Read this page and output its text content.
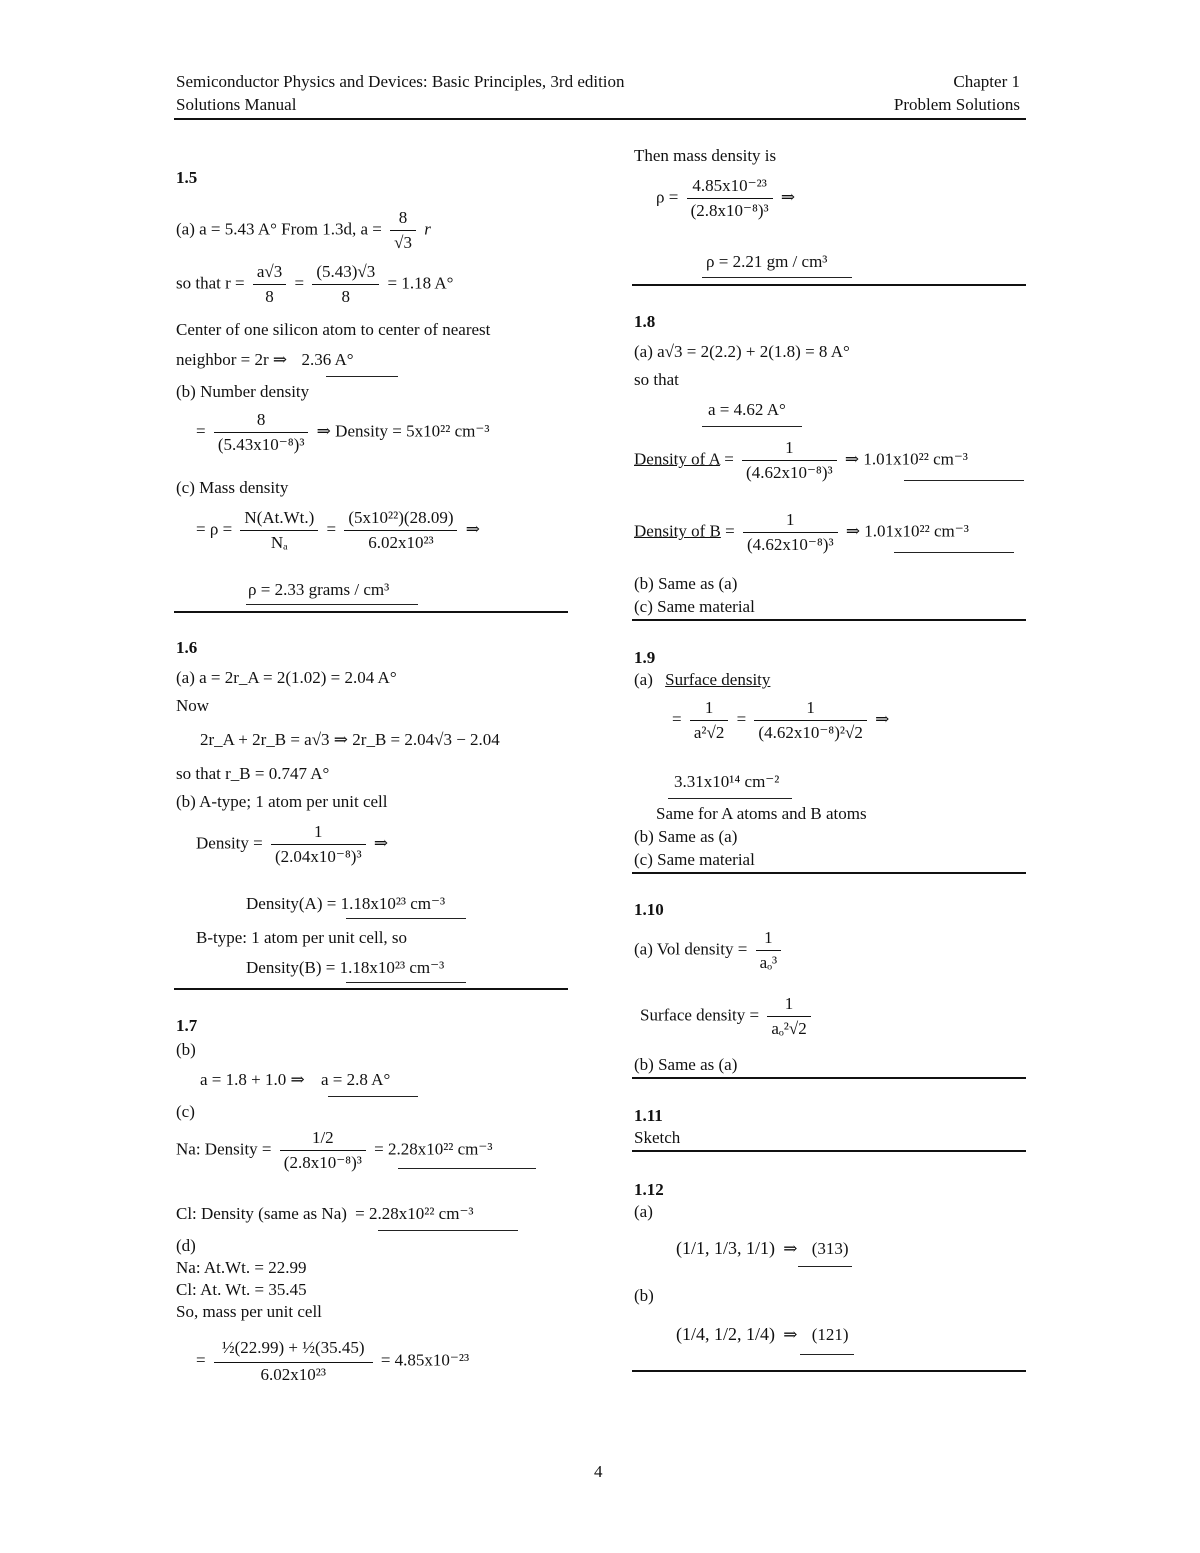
Semiconductor Physics and Devices: Basic Principles, 3rd edition
Solutions Manual
Chapter 1
Problem Solutions
1.5
(a) a = 5.43 A° From 1.3d, $a = \frac{8}{√3}$ r
so that $r = \frac{a√3}{8} = \frac{(5.43)√3}{8} = 1.18$ A°
Center of one silicon atom to center of nearest
neighbor = 2r ⇒ 2.36 A°
(b) Number density
= $\frac{8}{\text{(5.43x10⁻⁸)³}}$ ⇒ Density = 5x10²² cm⁻³
(c) Mass density
= $\rho = \frac{N(At.Wt.)}{\text{Nₐ}} = \frac{\text{(5x10²²)(28.09)}}{\text{6.02x10²³}}$ ⇒
ρ = 2.33 grams / cm³
1.6
(a) a = 2r_A = 2(1.02) = 2.04 A°
Now
2r_A + 2r_B = a√3 ⇒ 2r_B = 2.04√3 − 2.04
so that r_B = 0.747 A°
(b) A-type; 1 atom per unit cell
Density = $\frac{1}{\text{(2.04x10⁻⁸)³}}$ ⇒
Density(A) = 1.18x10²³ cm⁻³
B-type: 1 atom per unit cell, so
Density(B) = 1.18x10²³ cm⁻³
1.7
(b)
a = 1.8 + 1.0 ⇒ a = 2.8 A°
(c)
Na: Density = $\frac{1/2}{\text{(2.8x10⁻⁸)³}} = 2.28x10^{22}$ cm⁻³
Cl: Density (same as Na) = 2.28x10²² cm⁻³
(d)
Na: At.Wt. = 22.99
Cl: At. Wt. = 35.45
So, mass per unit cell
= $\frac{\text{½(22.99) + ½(35.45)}}{\text{6.02x10²³}} = 4.85x10^{-23}$
Then mass density is
$\rho = \frac{\text{4.85x10⁻²³}}{\text{(2.8x10⁻⁸)³}}$ ⇒
ρ = 2.21 gm / cm³
1.8
(a) a√3 = 2(2.2) + 2(1.8) = 8 A°
so that
a = 4.62 A°
Density of $A = \frac{1}{\text{(4.62x10⁻⁸)³}}$ ⇒ 1.01x10²² cm⁻³
Density of $B = \frac{1}{\text{(4.62x10⁻⁸)³}}$ ⇒ 1.01x10²² cm⁻³
(b) Same as (a)
(c) Same material
1.9
(a) Surface density
= $\frac{1}{\text{a²√2}} = \frac{1}{\text{(4.62x10⁻⁸)²√2}}$ ⇒
3.31x10¹⁴ cm⁻²
Same for A atoms and B atoms
(b) Same as (a)
(c) Same material
1.10
(a) Vol density = $\frac{1}{\text{aₒ³}}$
Surface density = $\frac{1}{\text{aₒ²√2}}$
(b) Same as (a)
1.11
Sketch
1.12
(a)
(1/1, 1/3, 1/1) ⇒ (313)
(b)
(1/4, 1/2, 1/4) ⇒ (121)
4
